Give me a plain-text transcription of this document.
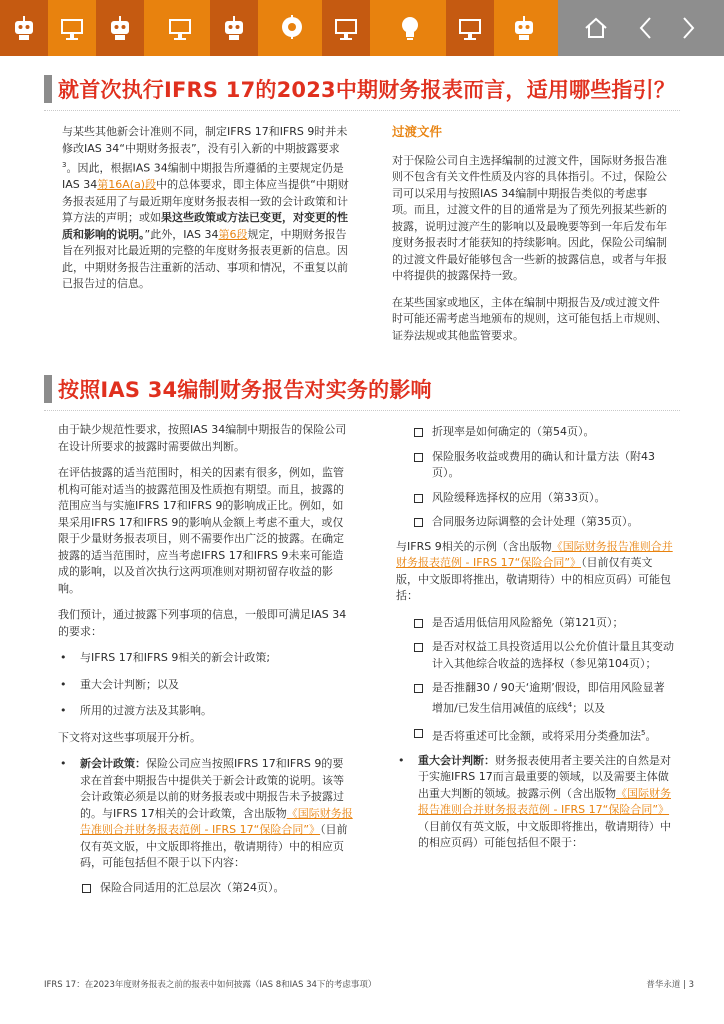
就首次执行IFRS 17的2023中期财务报表而言，适用哪些指引？

与某些其他新会计准则不同，制定IFRS 17和IFRS 9时并未修改IAS 34“中期财务报表”，没有引入新的中期披露要求$^3$。因此，根据IAS 34编制中期报告所遵循的主要规定仍是IAS 34第16A(a)段中的总体要求，即主体应当提供“中期财务报表延用了与最近期年度财务报表相一致的会计政策和计算方法的声明；或如果这些政策或方法已变更，对变更的性质和影响的说明。”此外，IAS 34第6段规定，中期财务报告旨在列报对比最近期的完整的年度财务报表更新的信息。因此，中期财务报告注重新的活动、事项和情况，不重复以前已报告过的信息。

过渡文件

对于保险公司自主选择编制的过渡文件，国际财务报告准则不包含有关文件性质及内容的具体指引。不过，保险公司可以采用与按照IAS 34编制中期报告类似的考虑事项。而且，过渡文件的目的通常是为了预先列报某些新的披露，说明过渡产生的影响以及最晚要等到一年后发布年度财务报表时才能获知的持续影响。因此，保险公司编制的过渡文件最好能够包含一些新的披露信息，或者与年报中将提供的披露保持一致。

在某些国家或地区，主体在编制中期报告及/或过渡文件时可能还需考虑当地颁布的规则，这可能包括上市规则、证券法规或其他监管要求。

按照IAS 34编制财务报告对实务的影响

由于缺少规范性要求，按照IAS 34编制中期报告的保险公司在设计所要求的披露时需要做出判断。

在评估披露的适当范围时，相关的因素有很多，例如，监管机构可能对适当的披露范围及性质抱有期望。而且，披露的范围应当与实施IFRS 17和IFRS 9的影响成正比。例如，如果采用IFRS 17和IFRS 9的影响从金额上考虑不重大，或仅限于少量财务报表项目，则不需要作出广泛的披露。在确定披露的适当范围时，应当考虑IFRS 17和IFRS 9未来可能造成的影响，以及首次执行这两项准则对期初留存收益的影响。

我们预计，通过披露下列事项的信息，一般即可满足IAS 34的要求：

• 与IFRS 17和IFRS 9相关的新会计政策;
• 重大会计判断；以及
• 所用的过渡方法及其影响。

下文将对这些事项展开分析。

• 新会计政策：保险公司应当按照IFRS 17和IFRS 9的要求在首套中期报告中提供关于新会计政策的说明。该等会计政策必须是以前的财务报表或中期报告未予披露过的。与IFRS 17相关的会计政策，含出版物《国际财务报告准则合并财务报表范例 - IFRS 17“保险合同”》（目前仅有英文版，中文版即将推出，敬请期待）中的相应页码，可能包括但不限于以下内容：
保险合同适用的汇总层次（第24页）。
折现率是如何确定的（第54页）。
保险服务收益或费用的确认和计量方法（附43页）。
风险缓释选择权的应用（第33页）。
合同服务边际调整的会计处理（第35页）。

与IFRS 9相关的示例（含出版物《国际财务报告准则合并财务报表范例 - IFRS 17“保险合同”》（目前仅有英文版，中文版即将推出，敬请期待）中的相应页码）可能包括：

是否适用低信用风险豁免（第121页）；
是否对权益工具投资适用以公允价值计量且其变动计入其他综合收益的选择权（参见第104页）；
是否推翻30 / 90天‘逾期’假设，即信用风险显著增加/已发生信用减值的底线$^4$；以及
是否将重述可比金额，或将采用分类叠加法$^5$。
• 重大会计判断：财务报表使用者主要关注的自然是对于实施IFRS 17而言最重要的领域，以及需要主体做出重大判断的领域。披露示例（含出版物《国际财务报告准则合并财务报表范例 - IFRS 17“保险合同”》（目前仅有英文版，中文版即将推出，敬请期待）中的相应页码）可能包括但不限于：
IFRS 17：在2023年度财务报表之前的报表中如何披露（IAS 8和IAS 34下的考虑事项）	普华永道 | 3
